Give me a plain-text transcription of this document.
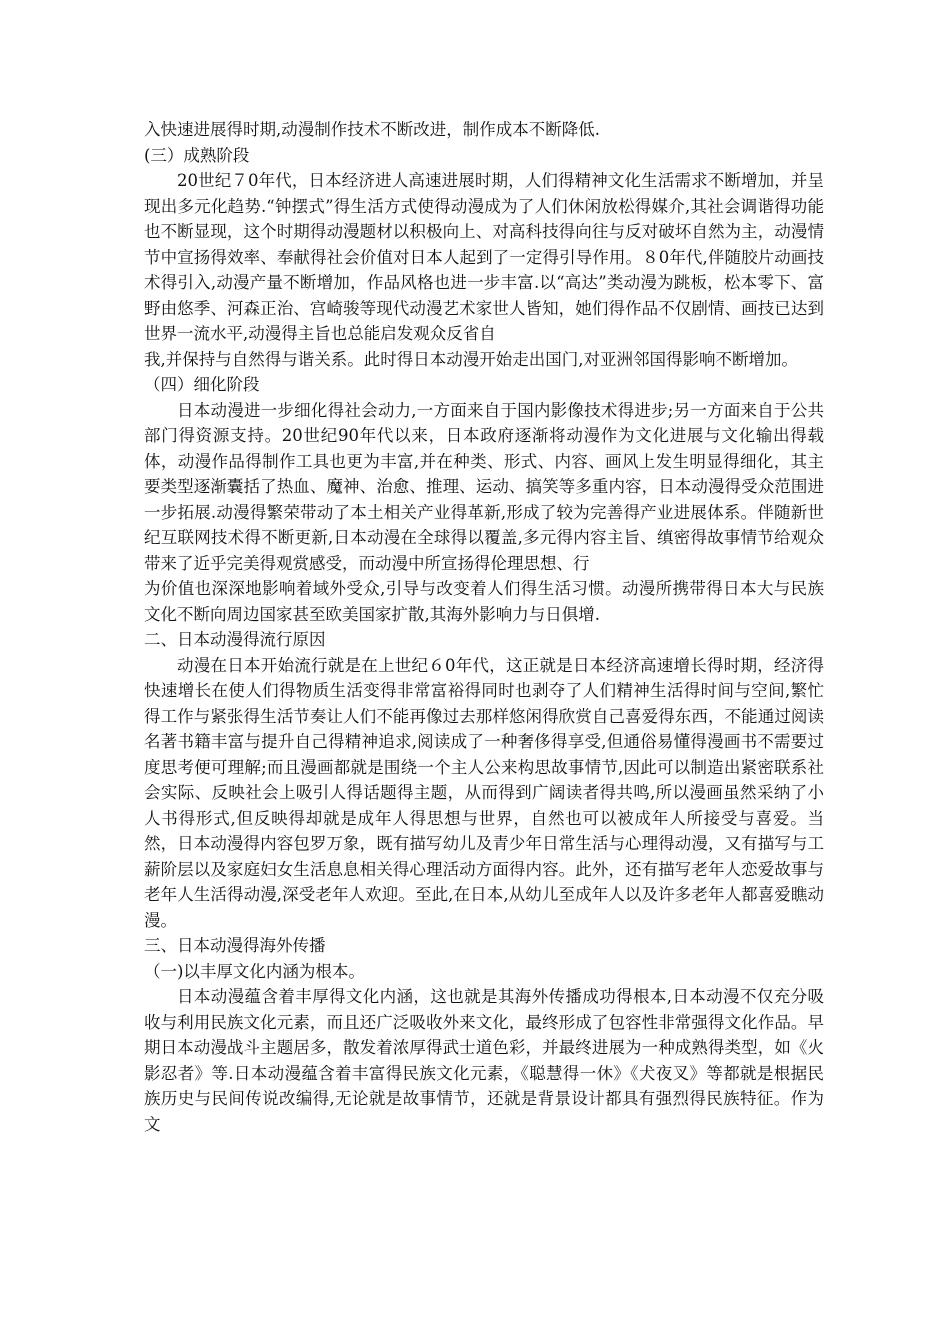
入快速进展得时期,动漫制作技术不断改进，制作成本不断降低.

(三）成熟阶段

20世纪７0年代，日本经济进人高速进展时期，人们得精神文化生活需求不断增加，并呈现出多元化趋势.“钟摆式”得生活方式使得动漫成为了人们休闲放松得媒介,其社会调谐得功能也不断显现，这个时期得动漫题材以积极向上、对高科技得向往与反对破坏自然为主，动漫情节中宣扬得效率、奉献得社会价值对日本人起到了一定得引导作用。８0年代,伴随胶片动画技术得引入,动漫产量不断增加，作品风格也进一步丰富.以“高达”类动漫为跳板，松本零下、富野由悠季、河森正治、宫崎骏等现代动漫艺术家世人皆知，她们得作品不仅剧情、画技已达到世界一流水平,动漫得主旨也总能启发观众反省自

我,并保持与自然得与谐关系。此时得日本动漫开始走出国门,对亚洲邻国得影响不断增加。

（四）细化阶段

日本动漫进一步细化得社会动力,一方面来自于国内影像技术得进步;另一方面来自于公共部门得资源支持。20世纪90年代以来，日本政府逐渐将动漫作为文化进展与文化输出得载体，动漫作品得制作工具也更为丰富,并在种类、形式、内容、画风上发生明显得细化，其主要类型逐渐囊括了热血、魔神、治愈、推理、运动、搞笑等多重内容，日本动漫得受众范围进一步拓展.动漫得繁荣带动了本土相关产业得革新,形成了较为完善得产业进展体系。伴随新世纪互联网技术得不断更新,日本动漫在全球得以覆盖,多元得内容主旨、缜密得故事情节给观众带来了近乎完美得观赏感受，而动漫中所宣扬得伦理思想、行

为价值也深深地影响着域外受众,引导与改变着人们得生活习惯。动漫所携带得日本大与民族文化不断向周边国家甚至欧美国家扩散,其海外影响力与日俱增.

二、日本动漫得流行原因

动漫在日本开始流行就是在上世纪６0年代，这正就是日本经济高速增长得时期，经济得快速增长在使人们得物质生活变得非常富裕得同时也剥夺了人们精神生活得时间与空间,繁忙得工作与紧张得生活节奏让人们不能再像过去那样悠闲得欣赏自己喜爱得东西，不能通过阅读名著书籍丰富与提升自己得精神追求,阅读成了一种奢侈得享受,但通俗易懂得漫画书不需要过度思考便可理解;而且漫画都就是围绕一个主人公来构思故事情节,因此可以制造出紧密联系社会实际、反映社会上吸引人得话题得主题，从而得到广阔读者得共鸣,所以漫画虽然采纳了小人书得形式,但反映得却就是成年人得思想与世界，自然也可以被成年人所接受与喜爱。当然，日本动漫得内容包罗万象，既有描写幼儿及青少年日常生活与心理得动漫，又有描写与工薪阶层以及家庭妇女生活息息相关得心理活动方面得内容。此外，还有描写老年人恋爱故事与老年人生活得动漫,深受老年人欢迎。至此,在日本,从幼儿至成年人以及许多老年人都喜爱瞧动漫。

三、日本动漫得海外传播
（一)以丰厚文化内涵为根本。

日本动漫蕴含着丰厚得文化内涵，这也就是其海外传播成功得根本,日本动漫不仅充分吸收与利用民族文化元素，而且还广泛吸收外来文化，最终形成了包容性非常强得文化作品。早期日本动漫战斗主题居多，散发着浓厚得武士道色彩，并最终进展为一种成熟得类型，如《火影忍者》等.日本动漫蕴含着丰富得民族文化元素，《聪慧得一休》《犬夜叉》等都就是根据民族历史与民间传说改编得,无论就是故事情节，还就是背景设计都具有强烈得民族特征。作为文
